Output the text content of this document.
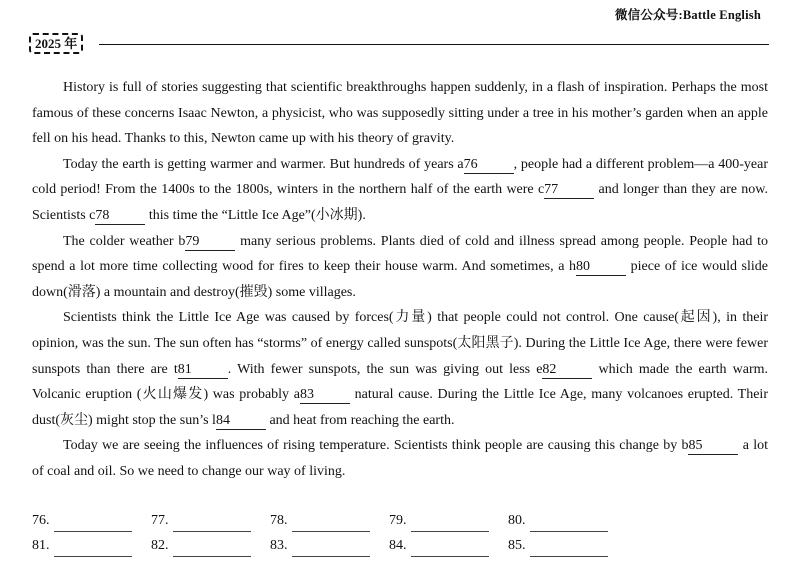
微信公众号:Battle English
2025 年

History is full of stories suggesting that scientific breakthroughs happen suddenly, in a flash of inspiration. Perhaps the most famous of these concerns Isaac Newton, a physicist, who was supposedly sitting under a tree in his mother’s garden when an apple fell on his head. Thanks to this, Newton came up with his theory of gravity.

Today the earth is getting warmer and warmer. But hundreds of years a76	, people had a different problem—a 400-year cold period! From the 1400s to the 1800s, winters in the northern half of the earth were c77	and longer than they are now. Scientists c78	this time the “Little Ice Age”(小冰期).

The colder weather b79	many serious problems. Plants died of cold and illness spread among people. People had to spend a lot more time collecting wood for fires to keep their house warm. And sometimes, a h80	piece of ice would slide down(滑落) a mountain and destroy(摧毁) some villages.

Scientists think the Little Ice Age was caused by forces(力量) that people could not control. One cause(起因), in their opinion, was the sun. The sun often has “storms” of energy called sunspots(太阳黑子). During the Little Ice Age, there were fewer sunspots than there are t81	. With fewer sunspots, the sun was giving out less e82	which made the earth warm. Volcanic eruption (火山爆发) was probably a83	natural cause. During the Little Ice Age, many volcanoes erupted. Their dust(灰尘) might stop the sun’s l84	and heat from reaching the earth.

Today we are seeing the influences of rising temperature. Scientists think people are causing this change by b85	a lot of coal and oil. So we need to change our way of living.

76.	77.	78.	79.	80.
81.	82.	83.	84.	85.
